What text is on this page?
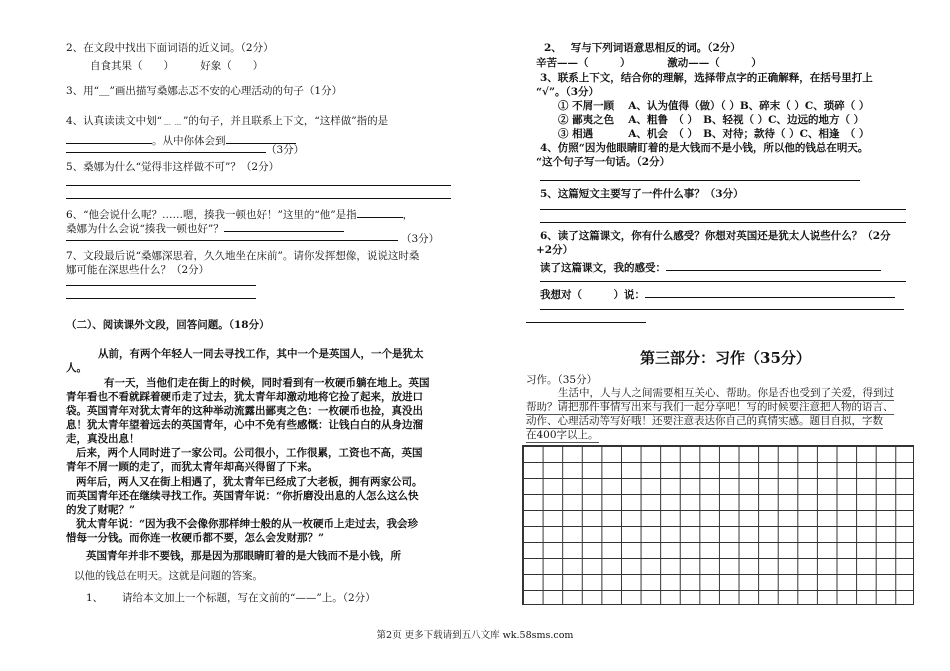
2、在文段中找出下面词语的近义词。（2分）
自食其果（　　）　　　好象（　　）
3、用“＿”画出描写桑娜忐忑不安的心理活动的句子（1分）
4、认真读读文中划“﹍﹍”的句子，并且联系上下文，“这样做”指的是
。从中你体会到
（3分）
5、桑娜为什么“觉得非这样做不可”？（2分）
6、“他会说什么呢？……嗯，揍我一顿也好！”这里的“他”是指	，
桑娜为什么会说“揍我一顿也好”？
（3分）
7、文段最后说“桑娜深思着，久久地坐在床前”。请你发挥想像，说说这时桑
娜可能在深思些什么？（2分）
（二）、阅读课外文段，回答问题。（18分）
从前，有两个年轻人一同去寻找工作，其中一个是英国人，一个是犹太
人。
有一天，当他们走在街上的时候，同时看到有一枚硬币躺在地上。英国
青年看也不看就踩着硬币走了过去，犹太青年却激动地将它捡了起来，放进口
袋。英国青年对犹太青年的这种举动流露出鄙夷之色：一枚硬币也捡，真没出
息！犹太青年望着远去的英国青年，心中不免有些感慨：让钱白白的从身边溜
走，真没出息！
后来，两个人同时进了一家公司。公司很小，工作很累，工资也不高，英国
青年不屑一顾的走了，而犹太青年却高兴得留了下来。
两年后，两人又在街上相遇了，犹太青年已经成了大老板，拥有两家公司。
而英国青年还在继续寻找工作。英国青年说：“你折磨没出息的人怎么这么快
的发了财呢？”
犹太青年说：“因为我不会像你那样绅士般的从一枚硬币上走过去，我会珍
惜每一分钱。而你连一枚硬币都不要，怎么会发财那？”
英国青年并非不要钱，那是因为那眼睛盯着的是大钱而不是小钱，所
以他的钱总在明天。这就是问题的答案。
1、 请给本文加上一个标题，写在文前的“——”上。（2分）
2、　 写与下列词语意思相反的词。（2分）
辛苦——（　　　）　　　　激动——（　　　）
3、联系上下文，结合你的理解，选择带点字的正确解释，在括号里打上
“√”。（3分）
① 不屑一顾　 A、认为值得（做）（ ）B、碎末（ ）C、琐碎（ ）
② 鄙夷之色　 A、粗鲁　（ ）　B、轻视（ ）C、边远的地方（ ）
③ 相遇　　　 A、机会　（ ）　B、对待；款待（ ）C、相逢　（ ）
4、仿照“因为他眼睛盯着的是大钱而不是小钱，所以他的钱总在明天。
“这个句子写一句话。（2分）
5、这篇短文主要写了一件什么事？（3分）
6、读了这篇课文，你有什么感受？你想对英国还是犹太人说些什么？（2分
+2分）
读了这篇课文，我的感受：
我想对（　　　）说：
第三部分：习作（35分）
习作。（35分）
生活中，人与人之间需要相互关心、帮助。你是否也受到了关爱，得到过
帮助？请把那件事情写出来与我们一起分享吧！写的时候要注意把人物的语言、
动作、心理活动等写好哦！还要注意表达你自己的真情实感。题目自拟，字数
在400字以上。
第2页 更多下载请到五八文库 wk.58sms.com
